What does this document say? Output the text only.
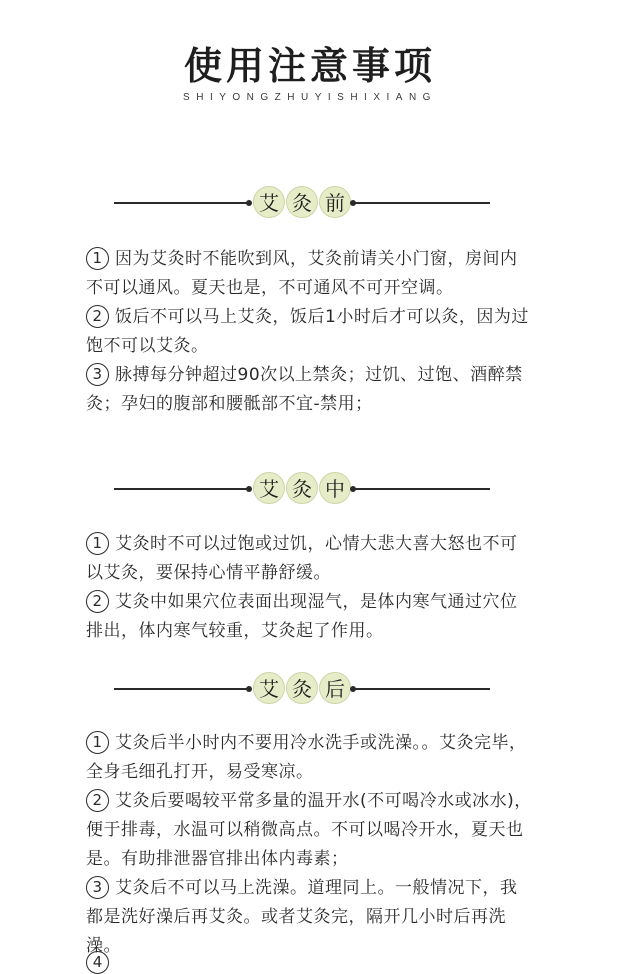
使用注意事项
SHIYONGZHUYISHIXIANG
艾 灸 前
1 因为艾灸时不能吹到风，艾灸前请关小门窗，房间内不可以通风。夏天也是，不可通风不可开空调。
2 饭后不可以马上艾灸，饭后1小时后才可以灸，因为过饱不可以艾灸。
3 脉搏每分钟超过90次以上禁灸；过饥、过饱、酒醉禁灸；孕妇的腹部和腰骶部不宜-禁用；
艾 灸 中
1 艾灸时不可以过饱或过饥，心情大悲大喜大怒也不可以艾灸，要保持心情平静舒缓。
2 艾灸中如果穴位表面出现湿气，是体内寒气通过穴位排出，体内寒气较重，艾灸起了作用。
艾 灸 后
1 艾灸后半小时内不要用冷水洗手或洗澡。。艾灸完毕，全身毛细孔打开，易受寒凉。
2 艾灸后要喝较平常多量的温开水(不可喝冷水或冰水)，便于排毒，水温可以稍微高点。不可以喝冷开水，夏天也是。有助排泄器官排出体内毒素；
3 艾灸后不可以马上洗澡。道理同上。一般情况下，我都是洗好澡后再艾灸。或者艾灸完，隔开几小时后再洗澡。
4
